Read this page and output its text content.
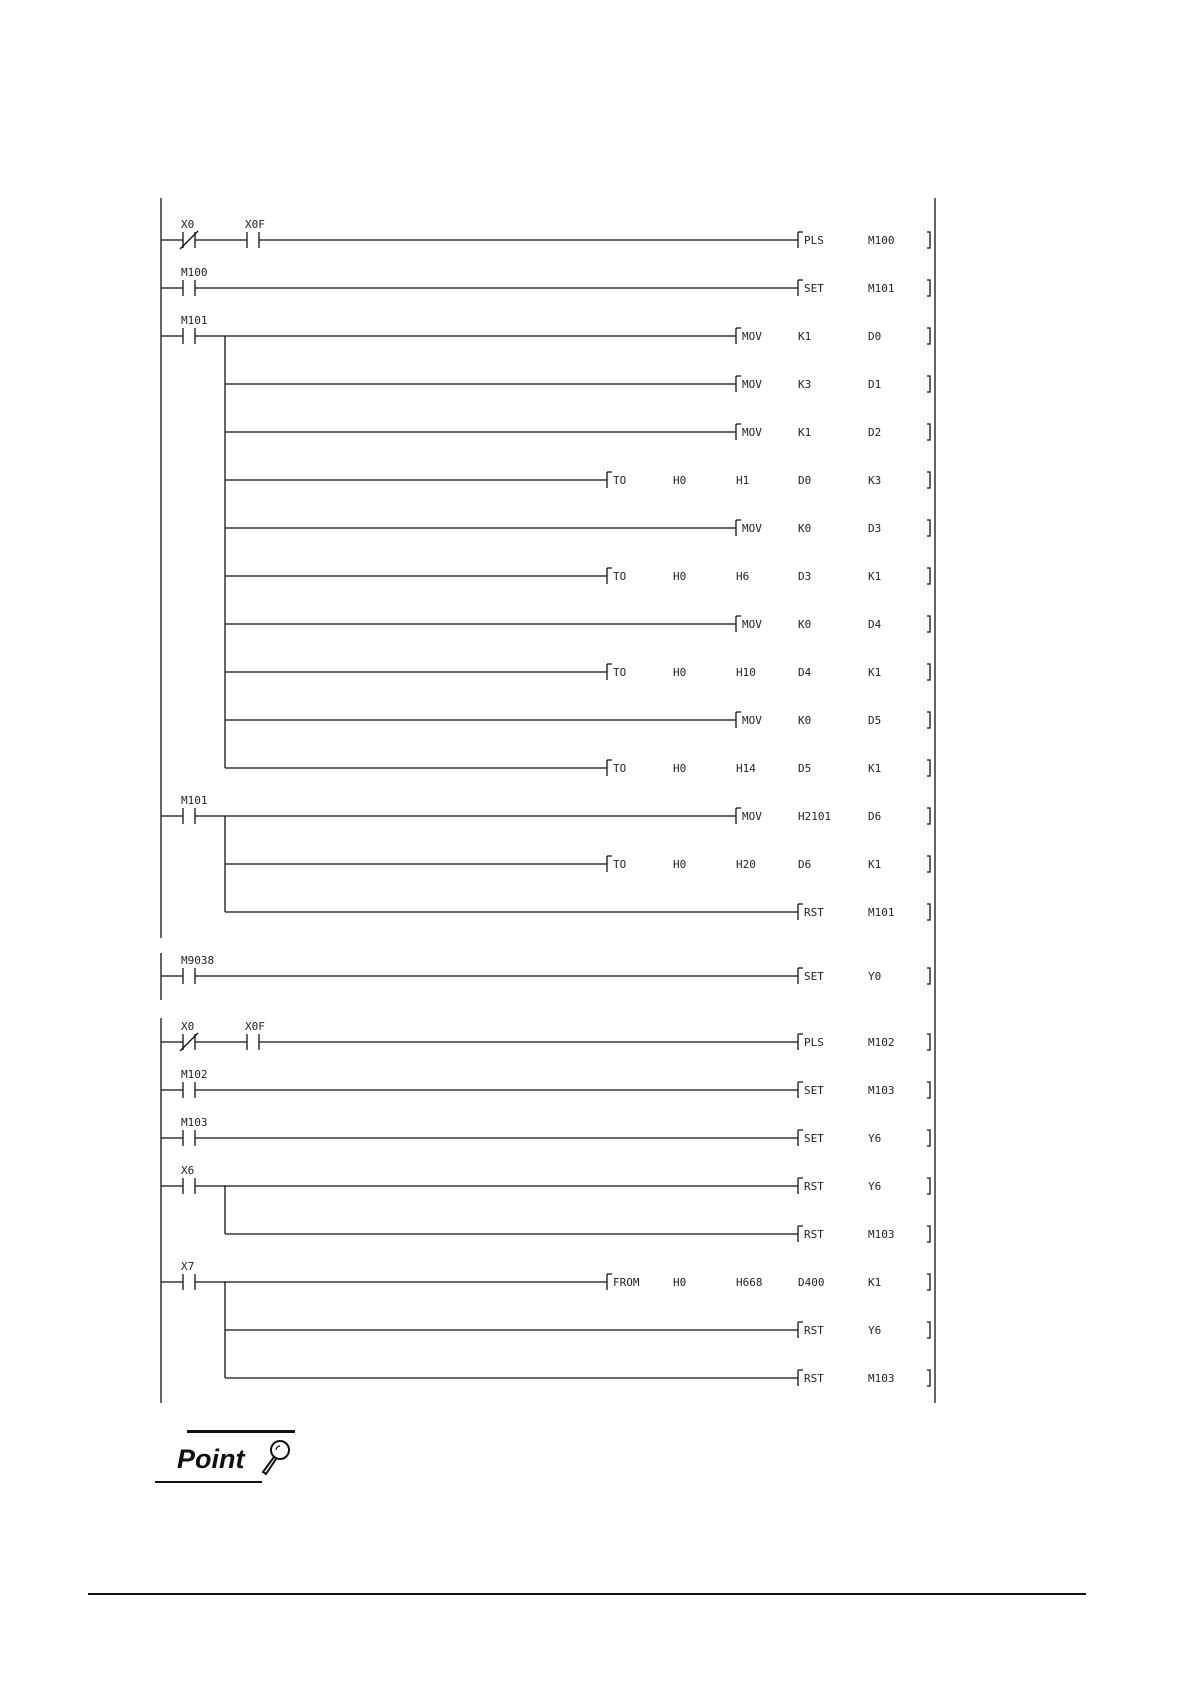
X0	X0F
PLS	M100
M100
SET	M101
M101
MOV	K1	D0
MOV	K3	D1
MOV	K1	D2
TO	H0	H1	D0	K3
MOV	K0	D3
TO	H0	H6	D3	K1
MOV	K0	D4
TO	H0	H10	D4	K1
MOV	K0	D5
TO	H0	H14	D5	K1
M101
MOV	H2101	D6
TO	H0	H20	D6	K1
RST	M101
M9038
SET	Y0
X0	X0F
PLS	M102
M102
SET	M103
M103
SET	Y6
X6
RST	Y6
RST	M103
X7
FROM	H0	H668	D400	K1
RST	Y6
RST	M103
Point
